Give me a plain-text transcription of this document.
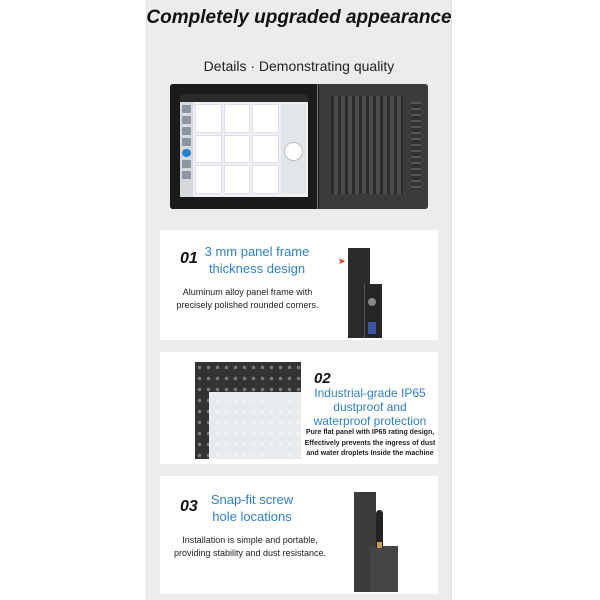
Completely upgraded appearance
Details · Demonstrating quality
01 3 mm panel frame thickness design
Aluminum alloy panel frame with precisely polished rounded corners.
➤
02
Industrial-grade IP65 dustproof and waterproof protection
Pure flat panel with IP65 rating design, Effectively prevents the ingress of dust and water droplets Inside the machine
03	Snap-fit screw hole locations
Installation is simple and portable, providing stability and dust resistance.
